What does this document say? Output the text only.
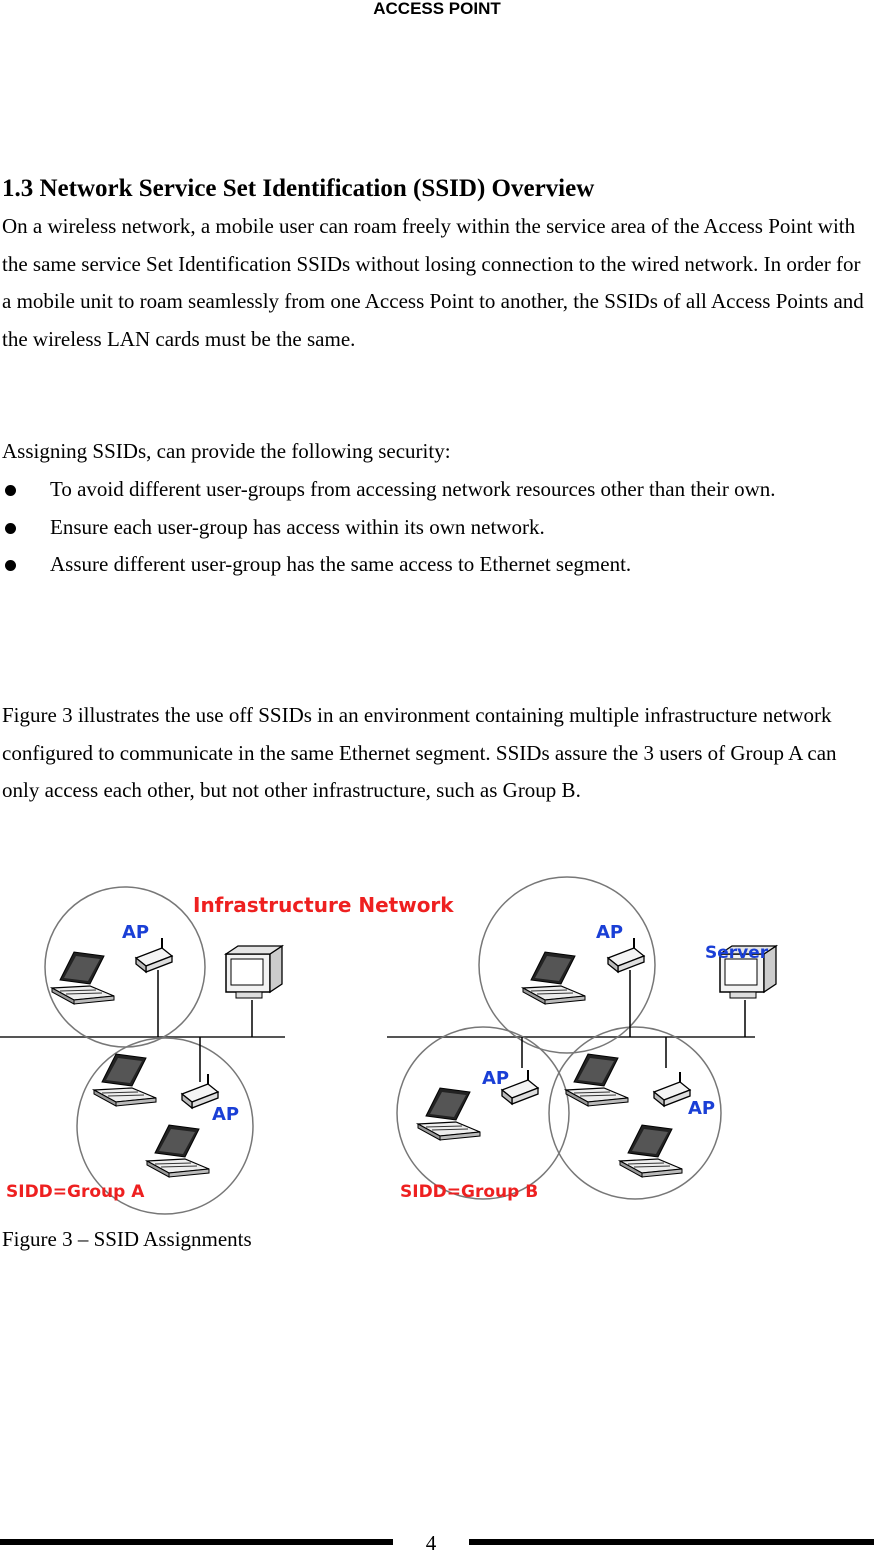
ACCESS POINT
1.3 Network Service Set Identification (SSID) Overview
On a wireless network, a mobile user can roam freely within the service area of the Access Point with the same service Set Identification SSIDs without losing connection to the wired network. In order for a mobile unit to roam seamlessly from one Access Point to another, the SSIDs of all Access Points and the wireless LAN cards must be the same.
Assigning SSIDs, can provide the following security:
To avoid different user-groups from accessing network resources other than their own.
Ensure each user-group has access within its own network.
Assure different user-group has the same access to Ethernet segment.
Figure 3 illustrates the use off SSIDs in an environment containing multiple infrastructure network configured to communicate in the same Ethernet segment. SSIDs assure the 3 users of Group A can only access each other, but not other infrastructure, such as Group B.
Infrastructure Network
AP
AP
AP
Server
AP
AP
SIDD=Group A	SIDD=Group B
Figure 3 – SSID Assignments
4
